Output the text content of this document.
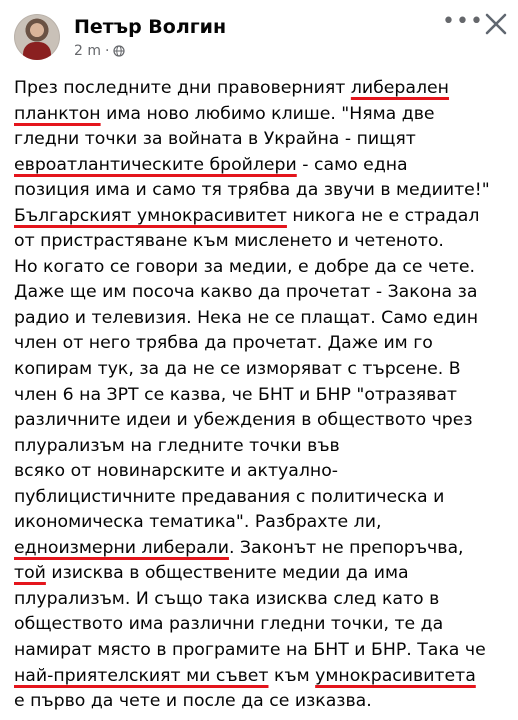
Петър Волгин
2 m ·
•••
През последните дни правоверният либерален
планктон има ново любимо клише. "Няма две
гледни точки за войната в Украйна - пищят
евроатлантическите бройлери - само една
позиция има и само тя трябва да звучи в медиите!"
Българският умнокрасивитет никога не е страдал
от пристрастяване към мисленето и четеното.
Но когато се говори за медии, е добре да се чете.
Даже ще им посоча какво да прочетат - Закона за
радио и телевизия. Нека не се плащат. Само един
член от него трябва да прочетат. Даже им го
копирам тук, за да не се изморяват с търсене. В
член 6 на ЗРТ се казва, че БНТ и БНР "отразяват
различните идеи и убеждения в обществото чрез
плурализъм на гледните точки във
всяко от новинарските и актуално-
публицистичните предавания с политическа и
икономическа тематика". Разбрахте ли,
едноизмерни либерали. Законът не препоръчва,
той изисква в обществените медии да има
плурализъм. И също така изисква след като в
обществото има различни гледни точки, те да
намират място в програмите на БНТ и БНР. Така че
най-приятелският ми съвет към умнокрасивитета
е първо да чете и после да се изказва.
